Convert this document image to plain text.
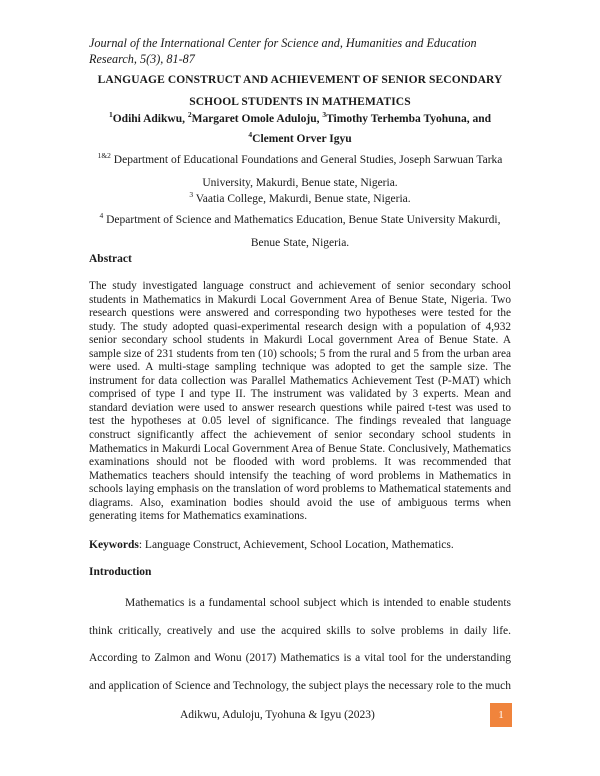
Journal of the International Center for Science and, Humanities and Education Research, 5(3), 81-87
LANGUAGE CONSTRUCT AND ACHIEVEMENT OF SENIOR SECONDARY
SCHOOL STUDENTS IN MATHEMATICS
$^1$Odihi Adikwu, $^2$Margaret Omole Aduloju, $^3$Timothy Terhemba Tyohuna, and
$^4$Clement Orver Igyu
$^{1\&2}$ Department of Educational Foundations and General Studies, Joseph Sarwuan Tarka University, Makurdi, Benue state, Nigeria.
$^3$ Vaatia College, Makurdi, Benue state, Nigeria.
$^4$ Department of Science and Mathematics Education, Benue State University Makurdi, Benue State, Nigeria.
Abstract
The study investigated language construct and achievement of senior secondary school students in Mathematics in Makurdi Local Government Area of Benue State, Nigeria. Two research questions were answered and corresponding two hypotheses were tested for the study. The study adopted quasi-experimental research design with a population of 4,932 senior secondary school students in Makurdi Local government Area of Benue State. A sample size of 231 students from ten (10) schools; 5 from the rural and 5 from the urban area were used. A multi-stage sampling technique was adopted to get the sample size. The instrument for data collection was Parallel Mathematics Achievement Test (P-MAT) which comprised of type I and type II. The instrument was validated by 3 experts. Mean and standard deviation were used to answer research questions while paired t-test was used to test the hypotheses at 0.05 level of significance. The findings revealed that language construct significantly affect the achievement of senior secondary school students in Mathematics in Makurdi Local Government Area of Benue State. Conclusively, Mathematics examinations should not be flooded with word problems. It was recommended that Mathematics teachers should intensify the teaching of word problems in Mathematics in schools laying emphasis on the translation of word problems to Mathematical statements and diagrams. Also, examination bodies should avoid the use of ambiguous terms when generating items for Mathematics examinations.
Keywords: Language Construct, Achievement, School Location, Mathematics.
Introduction
Mathematics is a fundamental school subject which is intended to enable students think critically, creatively and use the acquired skills to solve problems in daily life. According to Zalmon and Wonu (2017) Mathematics is a vital tool for the understanding and application of Science and Technology, the subject plays the necessary role to the much
Adikwu, Aduloju, Tyohuna & Igyu (2023)	1
